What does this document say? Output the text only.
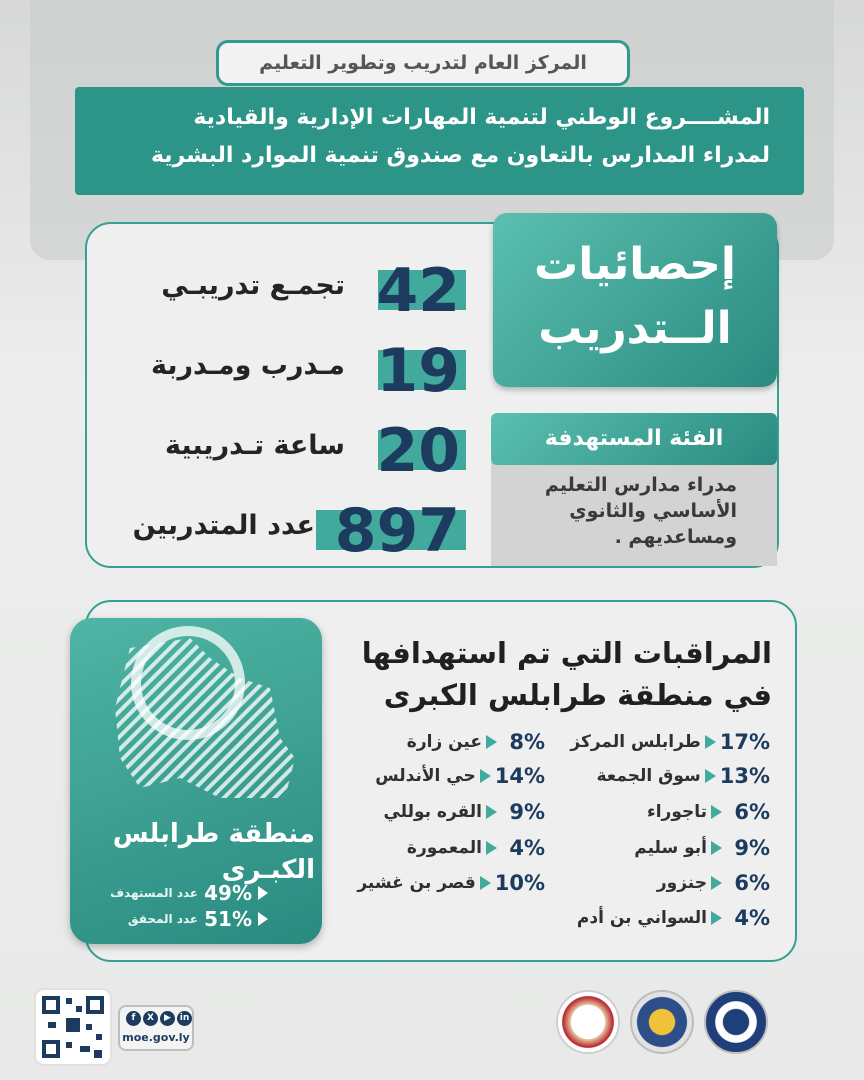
المركز العام لتدريب وتطوير التعليم
المشــــروع الوطني لتنمية المهارات الإدارية والقيادية
لمدراء المدارس بالتعاون مع صندوق تنمية الموارد البشرية
إحصائيات
الــتدريب
الفئة المستهدفة
مدراء مدارس التعليم
الأساسي والثانوي
ومساعديهم .
42
تجمـع تدريبـي
19
مـدرب ومـدربة
20
ساعة تـدريبية
897
عدد المتدربين
منطقة طرابلس
الكبـرى
49%
عدد المستهدف
51%
عدد المحقق
المراقبات التي تم استهدافها
في منطقة طرابلس الكبرى
17%
طرابلس المركز
13%
سوق الجمعة
6%
تاجوراء
9%
أبو سليم
6%
جنزور
4%
السواني بن أدم
8%
عين زارة
14%
حي الأندلس
9%
القره بوللي
4%
المعمورة
10%
قصر بن غشير
f	X	▶ in
moe.gov.ly
